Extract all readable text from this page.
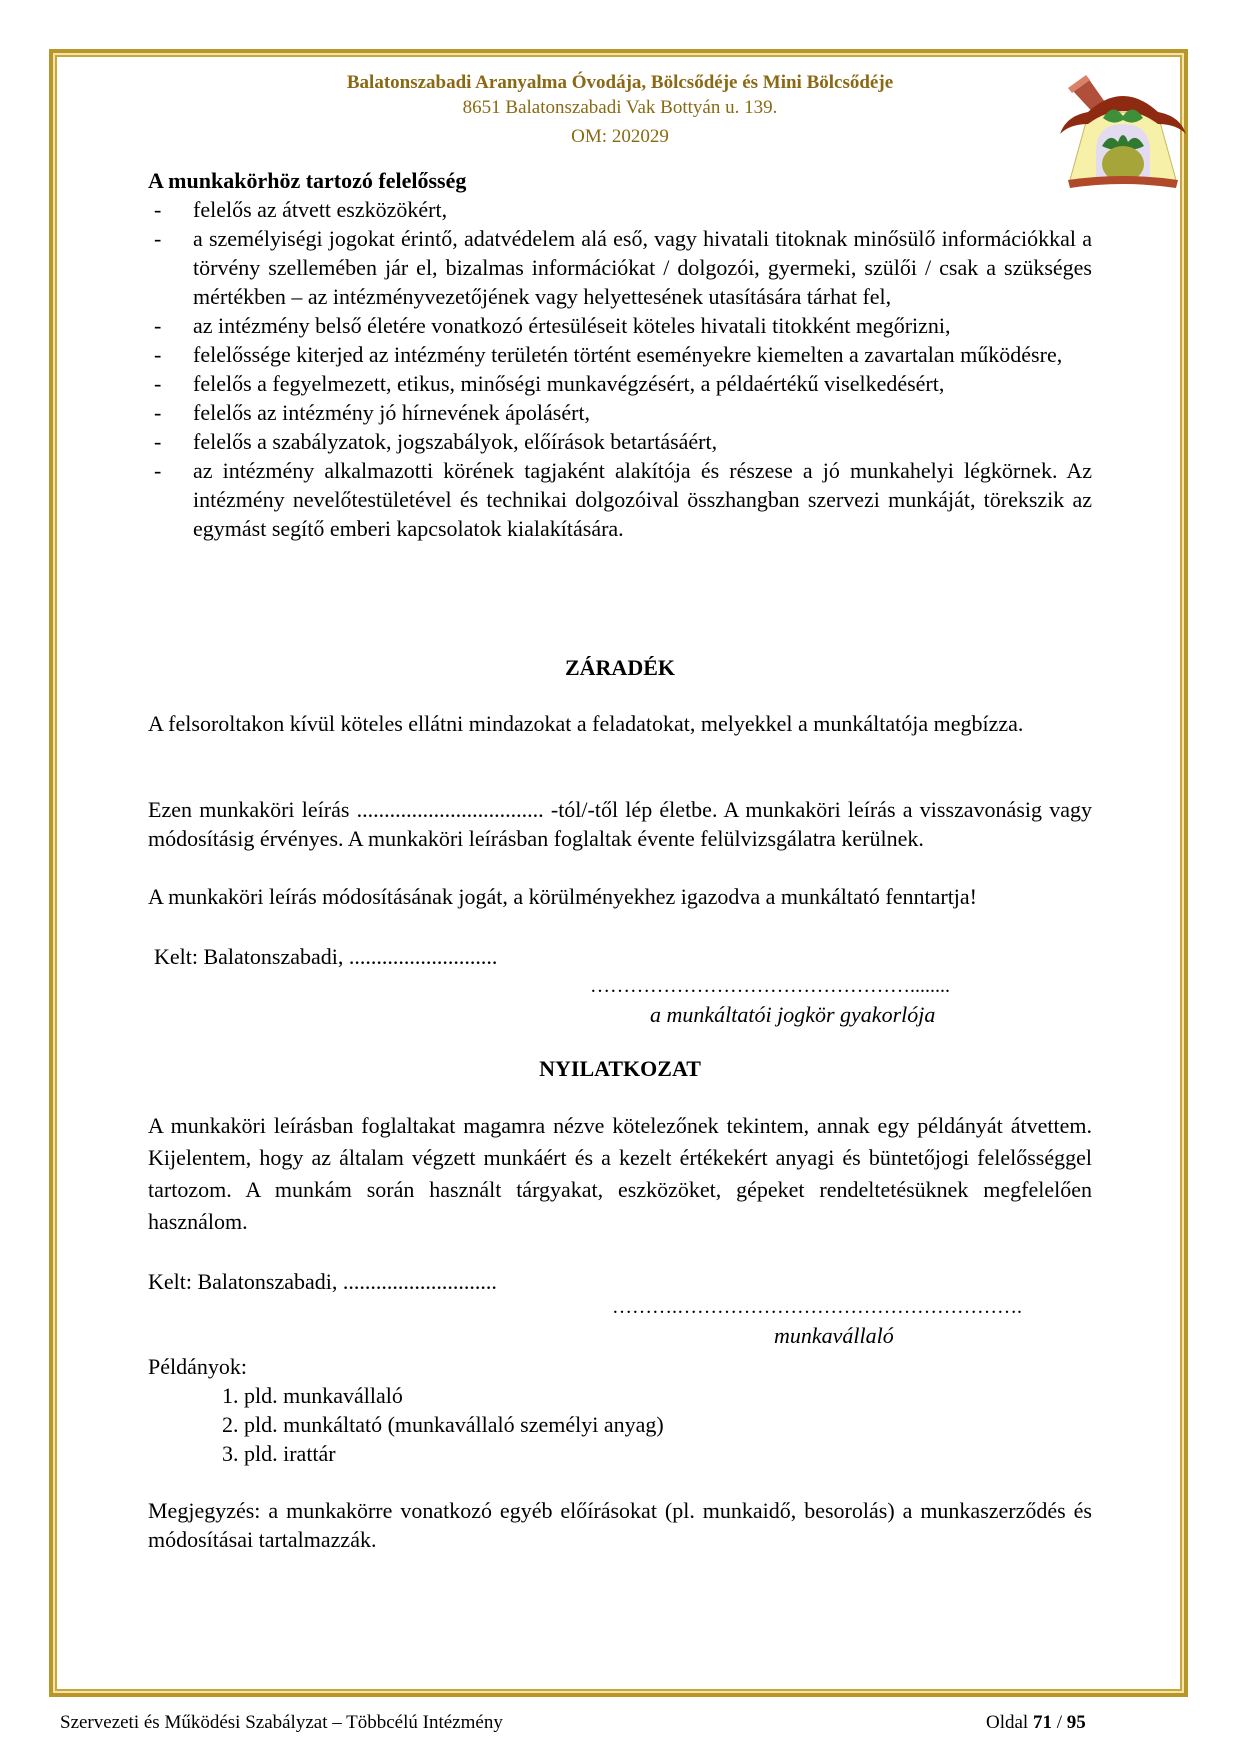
Balatonszabadi Aranyalma Óvodája, Bölcsődéje és Mini Bölcsődéje
8651 Balatonszabadi Vak Bottyán u. 139.
OM: 202029
A munkakörhöz tartozó felelősség
- felelős az átvett eszközökért,
- a személyiségi jogokat érintő, adatvédelem alá eső, vagy hivatali titoknak minősülő információkkal a törvény szellemében jár el, bizalmas információkat / dolgozói, gyermeki, szülői / csak a szükséges mértékben – az intézményvezetőjének vagy helyettesének utasítására tárhat fel,
- az intézmény belső életére vonatkozó értesüléseit köteles hivatali titokként megőrizni,
- felelőssége kiterjed az intézmény területén történt eseményekre kiemelten a zavartalan működésre,
- felelős a fegyelmezett, etikus, minőségi munkavégzésért, a példaértékű viselkedésért,
- felelős az intézmény jó hírnevének ápolásért,
- felelős a szabályzatok, jogszabályok, előírások betartásáért,
- az intézmény alkalmazotti körének tagjaként alakítója és részese a jó munkahelyi légkörnek. Az intézmény nevelőtestületével és technikai dolgozóival összhangban szervezi munkáját, törekszik az egymást segítő emberi kapcsolatok kialakítására.
ZÁRADÉK
A felsoroltakon kívül köteles ellátni mindazokat a feladatokat, melyekkel a munkáltatója megbízza.
Ezen munkaköri leírás .................................. -tól/-től lép életbe. A munkaköri leírás a visszavonásig vagy módosításig érvényes. A munkaköri leírásban foglaltak évente felülvizsgálatra kerülnek.
A munkaköri leírás módosításának jogát, a körülményekhez igazodva a munkáltató fenntartja!
Kelt: Balatonszabadi, ...........................
…………………………………………........
a munkáltatói jogkör gyakorlója
NYILATKOZAT
A munkaköri leírásban foglaltakat magamra nézve kötelezőnek tekintem, annak egy példányát átvettem. Kijelentem, hogy az általam végzett munkáért és a kezelt értékekért anyagi és büntetőjogi felelősséggel tartozom. A munkám során használt tárgyakat, eszközöket, gépeket rendeltetésüknek megfelelően használom.
Kelt: Balatonszabadi, ............................
……….…………………………………………….
munkavállaló
Példányok:
1. pld. munkavállaló
2. pld. munkáltató (munkavállaló személyi anyag)
3. pld. irattár
Megjegyzés: a munkakörre vonatkozó egyéb előírásokat (pl. munkaidő, besorolás) a munkaszerződés és módosításai tartalmazzák.
Szervezeti és Működési Szabályzat – Többcélú Intézmény	Oldal 71 / 95
